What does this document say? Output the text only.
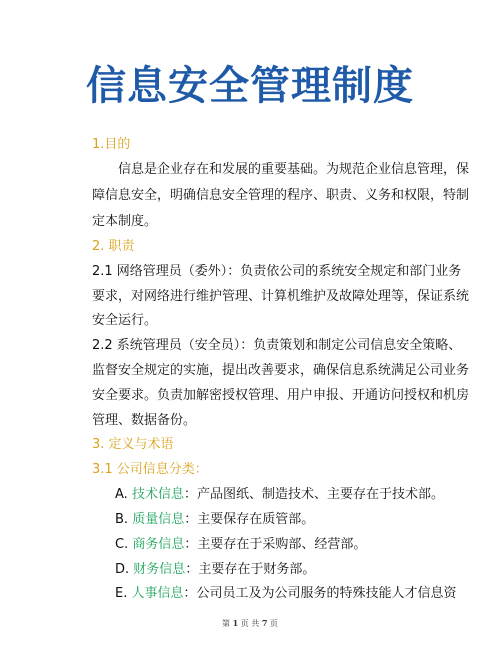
信息安全管理制度
1.目的
信息是企业存在和发展的重要基础。为规范企业信息管理，保
障信息安全，明确信息安全管理的程序、职责、义务和权限，特制
定本制度。
2. 职责
2.1 网络管理员（委外）：负责依公司的系统安全规定和部门业务
要求，对网络进行维护管理、计算机维护及故障处理等，保证系统
安全运行。
2.2 系统管理员（安全员）：负责策划和制定公司信息安全策略、
监督安全规定的实施，提出改善要求，确保信息系统满足公司业务
安全要求。负责加解密授权管理、用户申报、开通访问授权和机房
管理、数据备份。
3. 定义与术语
3.1 公司信息分类：
A. 技术信息：产品图纸、制造技术、主要存在于技术部。
B. 质量信息：主要保存在质管部。
C. 商务信息：主要存在于采购部、经营部。
D. 财务信息：主要存在于财务部。
E. 人事信息：公司员工及为公司服务的特殊技能人才信息资
第 1 页 共 7 页
